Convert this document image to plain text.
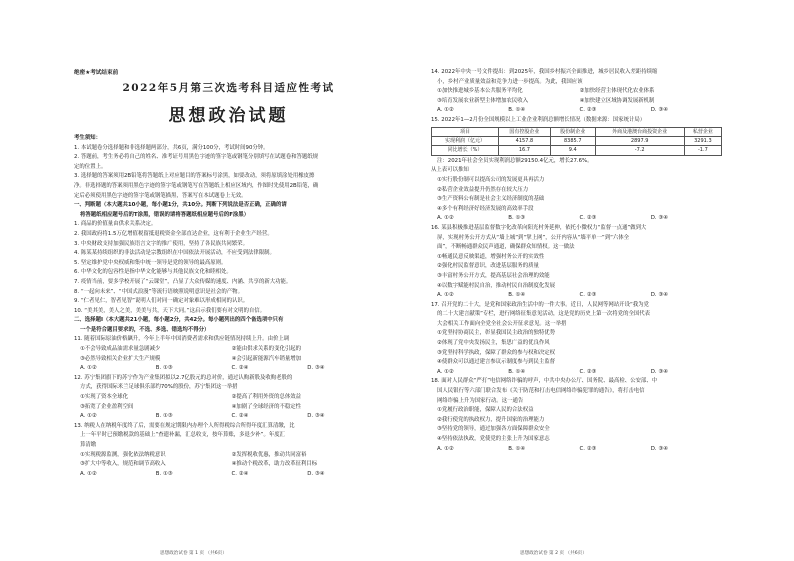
绝密★考试结束前
2022年5月第三次选考科目适应性考试
思想政治试题
考生须知：
1. 本试题卷分选择题和非选择题两部分，共6页，满分100分，考试时间90分钟。
2. 答题前，考生务必将自己的姓名、准考证号用黑色字迹的签字笔或钢笔分别填写在试题卷和答题纸规
定的位置上。
3. 选择题的答案须用2B铅笔将答题纸上对应题目的答案标号涂黑，如要改动，须将原填涂处用橡皮擦
净。非选择题的答案须用黑色字迹的签字笔或钢笔写在答题纸上相应区域内，作图时先使用2B铅笔，确
定后必须使用黑色字迹的签字笔或钢笔描黑，答案写在本试题卷上无效。
一、判断题（本大题共10小题，每小题1分，共10分。判断下列说法是否正确，正确的请
将答题纸相应题号后的T涂黑，错误的请将答题纸相应题号后的F涂黑）
1. 商品的价值量由供求关系决定。
2. 我国政府将1.5万亿增值税留抵退税资金全部直达企业，这有利于企业生产经营。
3. 中央财政支持加强民族语言文字的推广使用，坚持了各民族共同繁荣。
4. 陈某某持续组织的非法活动是宗教组织在中国依法开展活动，不应受到法律限制。
5. 坚定维护党中央权威和集中统一领导是党的领导的最高原则。
6. 中华文化的包容性是指中华文化能够与其他民族文化和睦相处。
7. 疫情当前，要多学校开展了“云课堂”，凸显了大众传媒的速度、内涵、共享的新大功能。
8. “一起向未来”、“中国式浪漫”等流行语映照说明意识是社会的产物。
9. “仁者见仁，智者见智”说明人们对同一确定对象难以形成相同的认识。
10. “美其美，美人之美，美美与共，天下大同。”这启示我们要有对文明的自信。
二、选择题I（本大题共21小题，每小题2分，共42分。每小题列出的四个备选项中只有
一个是符合题目要求的，不选、多选、错选均不得分）
11. 随着国际原油价格飙升，今年上半年中国消费者需求和供应链情况持续上升。由价上调
①不会导致成品油需求量急剧减少	②能由供求关系的变化引起的
③必然导致相关企业扩大生产规模	④会引起新能源汽车销量增加
A. ①②	B. ①③	C. ②④	D. ③④
12. 苏宁集团旗下的苏宁作为产业集团拟以2.7亿股元的总对价，通过认购新股及收购老股的
方式，获得国际米兰足球俱乐部约70%的股份，苏宁集团这一举措
①实现了资本全球化	②提高了利用外资的总体效益
③拓宽了企业盈利空间	④加剧了全球经济的不稳定性
A. ①②	B. ①③	C. ②④	D. ③④
13. 纳税人在纳税年度终了后，需要在规定期限内办理个人所得税综合所得年度汇算清缴，比
上一年平时已预缴税款的基础上“查遗补漏，汇总收支，按年算账，多退少补”。年度汇
算清缴
①实现税源监测，强化依法纳税意识	②发挥税收优惠，推动共同富裕
③扩大中等收入，规范和调节高收入	④推动个税改革，助力改革征利目标
A. ①②	B. ①③	C. ②④	D. ③④
思想政治试卷 第 1 页 （共6页）
14. 2022年中央一号文件提出：到2025年，我国乡村振兴全面推进，城乡居民收入差距持续缩
小，乡村产业质量效益和竞争力进一步提高。为此，我国应该
①加快推进城乡基本公共服务平均化	②加快经营主体现代化农业体系
③培育发展农业新型主体增加农民收入	④加快建立区域协调发展新机制
A. ①②	B. ①④	C. ②③	D. ③④
15. 2022年1—2月份全国规模以上工业企业利润总额增长情况（数据来源：国家统计局）
项目	国有控股企业	股份制企业	外商及港澳台商投资企业	私营企业
实现利润（亿元）	4157.8	8385.7	2897.9	3291.3
同比增长（%）	16.7	9.4	-7.2	-1.7
注：2021年社会全员实现利润总额29150.4亿元，增长27.6%。
从上表可以推知
①实行股份制可以提高公司的发展更具再活力
②私营企业效益提升仍然存在较大压力
③生产资料公有制是社会主义经济制度的基础
④多个有利经济好经济发展的高效率手段
A. ①②	B. ①③	C. ②③	D. ③④
16. 某县积极推进基层监督数字化改革向阳光村务延伸，依托小微权力“监督一点通”做到大
屏，实现村务公开方式从“墙上城”到“掌上网”，公开内容从“墙平单一”到“六体全
面”，不断畅通群众民声通道，确保群众知情权。这一做法
①畅通民意反映渠道，增强村务公开的实效性
②强化村民监督意识，改进基层服务的质量
③丰富村务公开方式，提高基层社会治理的效能
④以数字赋能村民自治，推动村民自治制度化发展
A. ①②	B. ①④	C. ②③	D. ③④
17. 召开党的二十大，是党和国家政治生活中的一件大事。近日，人民网等网站开设“我为党
的二十大建言献策”专栏，进行网络征集意见活动，这是党的历史上第一次将党的全国代表
大会相关工作面向全党全社会公开征求意见。这一举措
①党坚持协商民主，彰显我国民主政治的独特优势
②体现了党中央发扬民主，集思广益的优良作风
③党坚持科学执政，保障了群众的参与权和决定权
④使群众可以通过建言参议示制度参与到民主监督
A. ①②	B. ①④	C. ②③	D. ③④
18. 面对人民群众“严打”电信网络诈骗的呼声，中共中央办公厅、国务院、最高检、公安部、中
国人民银行等六部门联合发布《关于防范和打击电信网络诈骗犯罪的通告》，将打击电信
网络诈骗上升为国家行动。这一通告
①党履行政治职能，保障人民的合法权益
②我行使党的执政权力，提升国家的治理能力
③坚持党的领导，通过加强各方面保障群众安全
④坚持依法执政，党使党的主张上升为国家意志
A. ①②	B. ①④	C. ②③	D. ③④
思想政治试卷 第 2 页 （共6页）
